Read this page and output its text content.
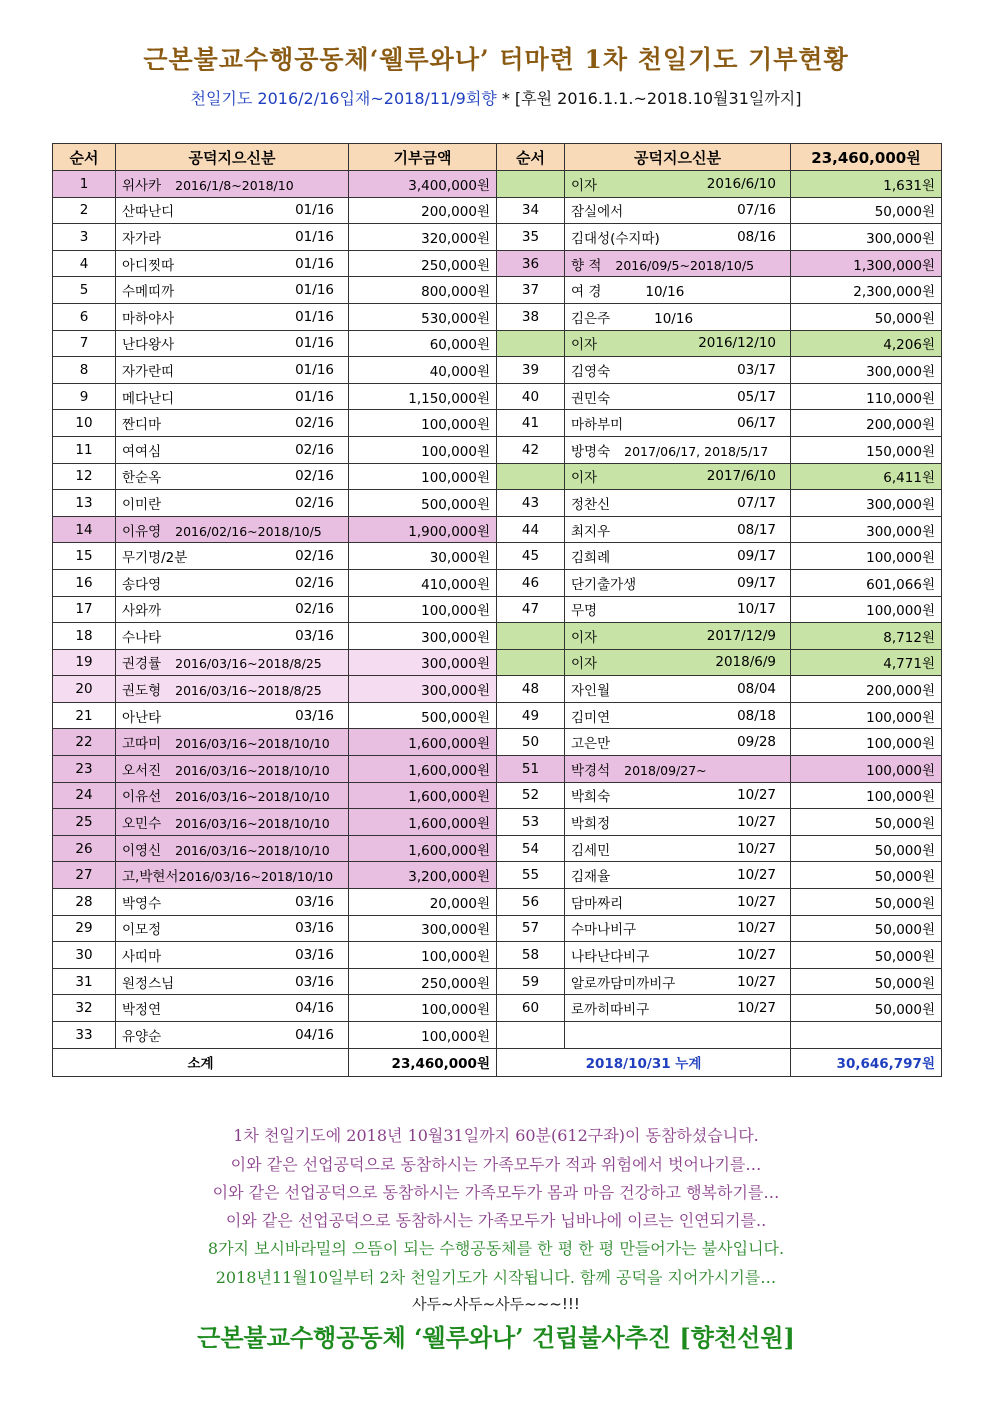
근본불교수행공동체‘웰루와나’ 터마련 1차 천일기도 기부현황
천일기도 2016/2/16입재~2018/11/9회향 * [후원 2016.1.1.~2018.10월31일까지]
순서	공덕지으신분	기부금액	순서	공덕지으신분	23,460,000원
1	위사카 2016/1/8~2018/10	3,400,000원		이자 2016/6/10	1,631원
2	산따난디 01/16	200,000원	34	잠실에서 07/16	50,000원
3	자가라 01/16	320,000원	35	김대성(수지따) 08/16	300,000원
4	아디찟따 01/16	250,000원	36	향 적 2016/09/5~2018/10/5	1,300,000원
5	수메띠까 01/16	800,000원	37	여 경 10/16	2,300,000원
6	마하야사 01/16	530,000원	38	김은주 10/16	50,000원
7	난다왕사 01/16	60,000원		이자 2016/12/10	4,206원
8	자가란띠 01/16	40,000원	39	김영숙 03/17	300,000원
9	메다난디 01/16	1,150,000원	40	권민숙 05/17	110,000원
10	짠디마 02/16	100,000원	41	마하부미 06/17	200,000원
11	여여심 02/16	100,000원	42	방명숙 2017/06/17, 2018/5/17	150,000원
12	한순옥 02/16	100,000원		이자 2017/6/10	6,411원
13	이미란 02/16	500,000원	43	정찬신 07/17	300,000원
14	이유영 2016/02/16~2018/10/5	1,900,000원	44	최지우 08/17	300,000원
15	무기명/2분 02/16	30,000원	45	김희례 09/17	100,000원
16	송다영 02/16	410,000원	46	단기출가생 09/17	601,066원
17	사와까 02/16	100,000원	47	무명 10/17	100,000원
18	수나타 03/16	300,000원		이자 2017/12/9	8,712원
19	권경률 2016/03/16~2018/8/25	300,000원		이자 2018/6/9	4,771원
20	권도형 2016/03/16~2018/8/25	300,000원	48	자인월 08/04	200,000원
21	아난타 03/16	500,000원	49	김미연 08/18	100,000원
22	고따미 2016/03/16~2018/10/10	1,600,000원	50	고은만 09/28	100,000원
23	오서진 2016/03/16~2018/10/10	1,600,000원	51	박경석 2018/09/27~	100,000원
24	이유선 2016/03/16~2018/10/10	1,600,000원	52	박희숙 10/27	100,000원
25	오민수 2016/03/16~2018/10/10	1,600,000원	53	박희정 10/27	50,000원
26	이영신 2016/03/16~2018/10/10	1,600,000원	54	김세민 10/27	50,000원
27	고,박현서2016/03/16~2018/10/10	3,200,000원	55	김재율 10/27	50,000원
28	박영수 03/16	20,000원	56	담마짜리 10/27	50,000원
29	이모정 03/16	300,000원	57	수마나비구 10/27	50,000원
30	사띠마 03/16	100,000원	58	나타난다비구 10/27	50,000원
31	원정스님 03/16	250,000원	59	알로까담미까비구 10/27	50,000원
32	박정연 04/16	100,000원	60	로까히따비구 10/27	50,000원
33	유양순 04/16	100,000원			
소계		23,460,000원	2018/10/31 누계		30,646,797원
1차 천일기도에 2018년 10월31일까지 60분(612구좌)이 동참하셨습니다.
이와 같은 선업공덕으로 동참하시는 가족모두가 적과 위험에서 벗어나기를…
이와 같은 선업공덕으로 동참하시는 가족모두가 몸과 마음 건강하고 행복하기를…
이와 같은 선업공덕으로 동참하시는 가족모두가 닙바나에 이르는 인연되기를..
8가지 보시바라밀의 으뜸이 되는 수행공동체를 한 평 한 평 만들어가는 불사입니다.
2018년11월10일부터 2차 천일기도가 시작됩니다. 함께 공덕을 지어가시기를…
사두~사두~사두~~~!!!
근본불교수행공동체 ‘웰루와나’ 건립불사추진 [향천선원]
